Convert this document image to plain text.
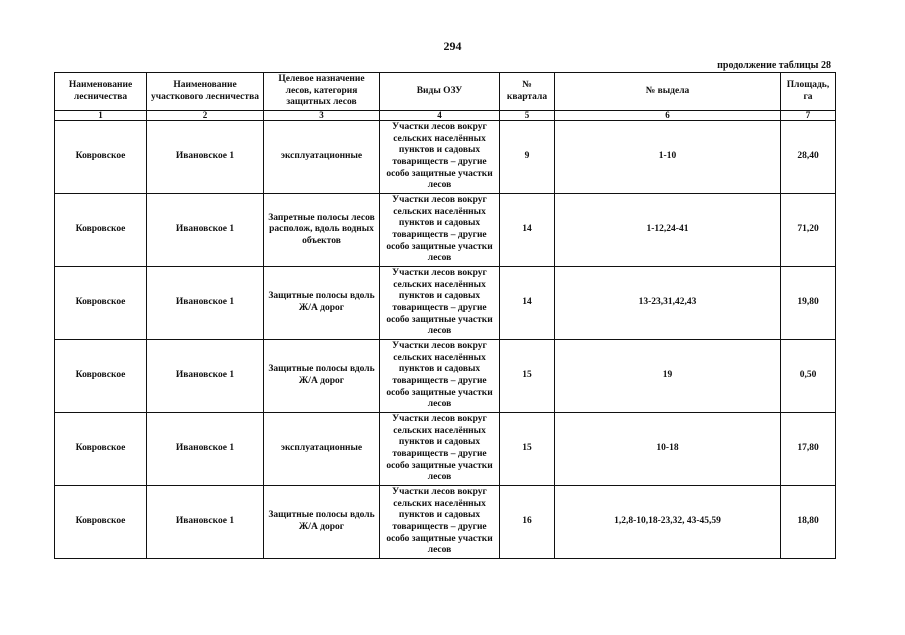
294
продолжение таблицы 28
Наименование лесничества	Наименование участкового лесничества	Целевое назначение лесов, категория защитных лесов	Виды ОЗУ	№ квартала	№ выдела	Площадь, га
1	2	3	4	5	6	7
Ковровское	Ивановское 1	эксплуатационные	Участки лесов вокруг сельских населённых пунктов и садовых товариществ – другие особо защитные участки лесов	9	1-10	28,40
Ковровское	Ивановское 1	Запретные полосы лесов располож, вдоль водных объектов	Участки лесов вокруг сельских населённых пунктов и садовых товариществ – другие особо защитные участки лесов	14	1-12,24-41	71,20
Ковровское	Ивановское 1	Защитные полосы вдоль Ж/А дорог	Участки лесов вокруг сельских населённых пунктов и садовых товариществ – другие особо защитные участки лесов	14	13-23,31,42,43	19,80
Ковровское	Ивановское 1	Защитные полосы вдоль Ж/А дорог	Участки лесов вокруг сельских населённых пунктов и садовых товариществ – другие особо защитные участки лесов	15	19	0,50
Ковровское	Ивановское 1	эксплуатационные	Участки лесов вокруг сельских населённых пунктов и садовых товариществ – другие особо защитные участки лесов	15	10-18	17,80
Ковровское	Ивановское 1	Защитные полосы вдоль Ж/А дорог	Участки лесов вокруг сельских населённых пунктов и садовых товариществ – другие особо защитные участки лесов	16	1,2,8-10,18-23,32, 43-45,59	18,80
